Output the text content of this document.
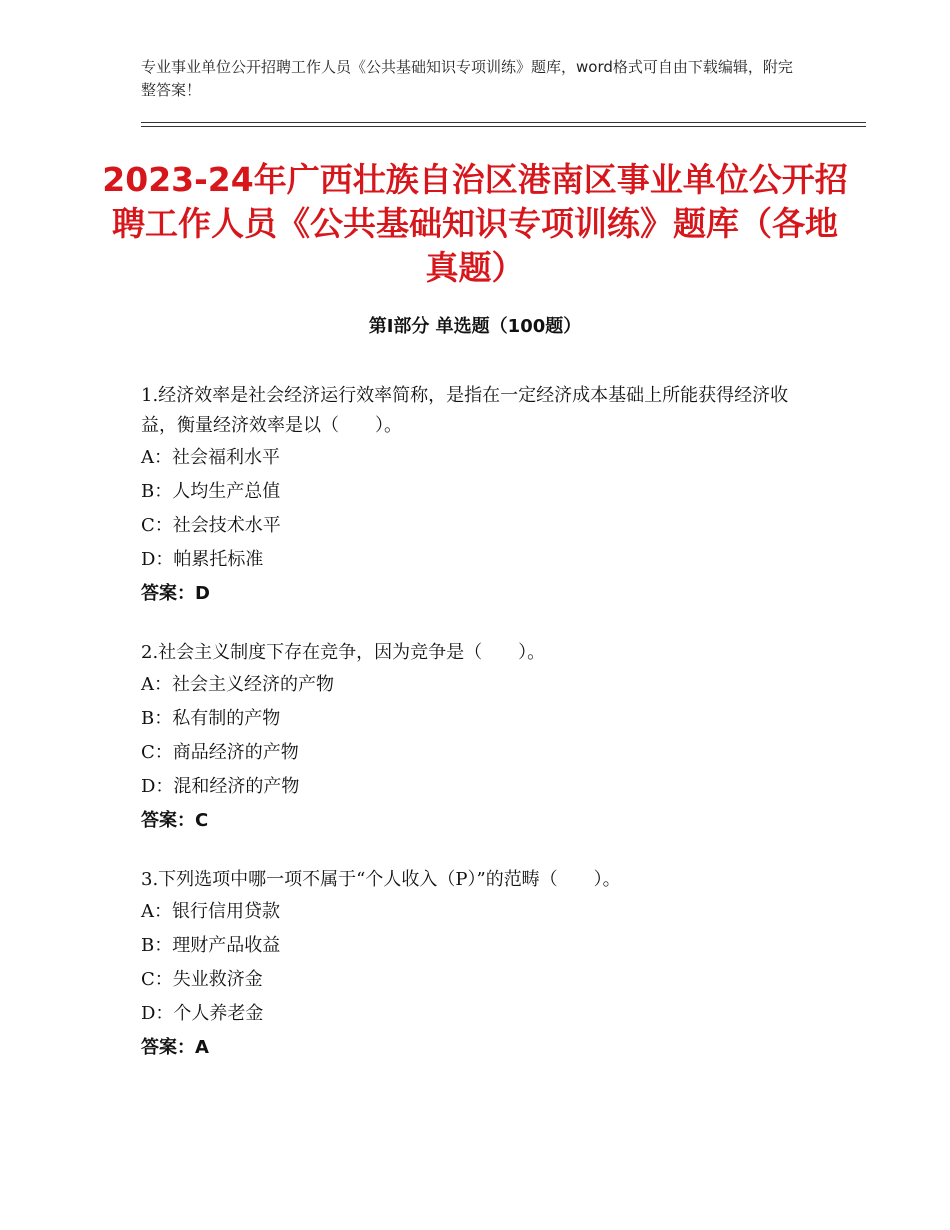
专业事业单位公开招聘工作人员《公共基础知识专项训练》题库，word格式可自由下载编辑，附完整答案！
2023-24年广西壮族自治区港南区事业单位公开招聘工作人员《公共基础知识专项训练》题库（各地真题）
第Ⅰ部分 单选题（100题）

1.经济效率是社会经济运行效率简称，是指在一定经济成本基础上所能获得经济收益，衡量经济效率是以（　　）。

A：社会福利水平

B：人均生产总值

C：社会技术水平

D：帕累托标准

答案：D

2.社会主义制度下存在竞争，因为竞争是（　　）。

A：社会主义经济的产物

B：私有制的产物

C：商品经济的产物

D：混和经济的产物

答案：C

3.下列选项中哪一项不属于“个人收入（P）”的范畴（　　）。

A：银行信用贷款

B：理财产品收益

C：失业救济金

D：个人养老金

答案：A
